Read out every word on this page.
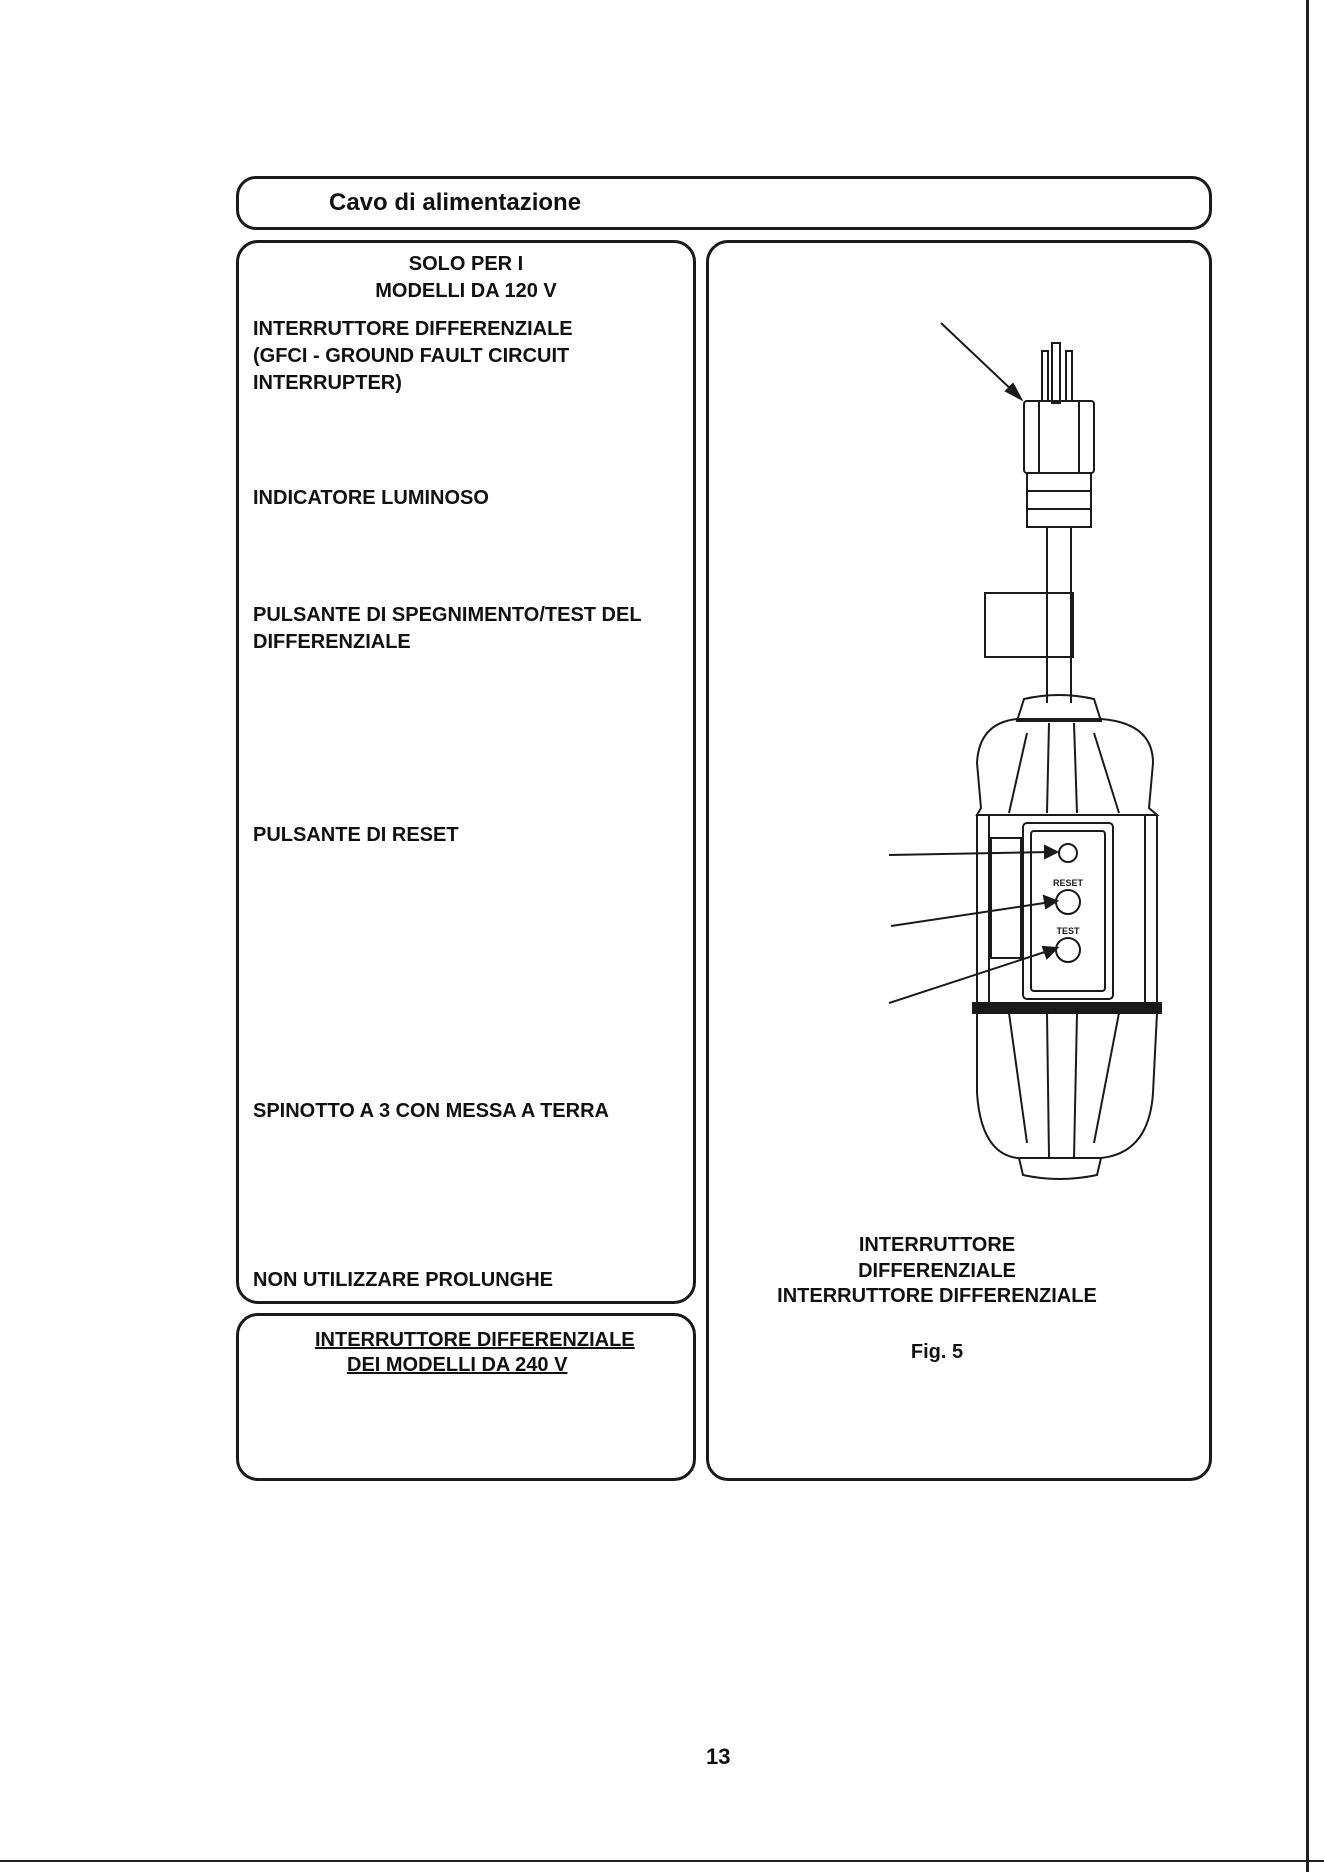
Cavo di alimentazione
SOLO PER I
MODELLI DA 120 V
INTERRUTTORE DIFFERENZIALE
(GFCI - GROUND FAULT CIRCUIT
INTERRUPTER)
INDICATORE LUMINOSO
PULSANTE DI SPEGNIMENTO/TEST DEL
DIFFERENZIALE
PULSANTE DI RESET
SPINOTTO A 3 CON MESSA A TERRA
NON UTILIZZARE PROLUNGHE
INTERRUTTORE DIFFERENZIALE
DEI MODELLI DA 240 V
RESET
TEST
INTERRUTTORE
DIFFERENZIALE
INTERRUTTORE DIFFERENZIALE
Fig. 5
13
